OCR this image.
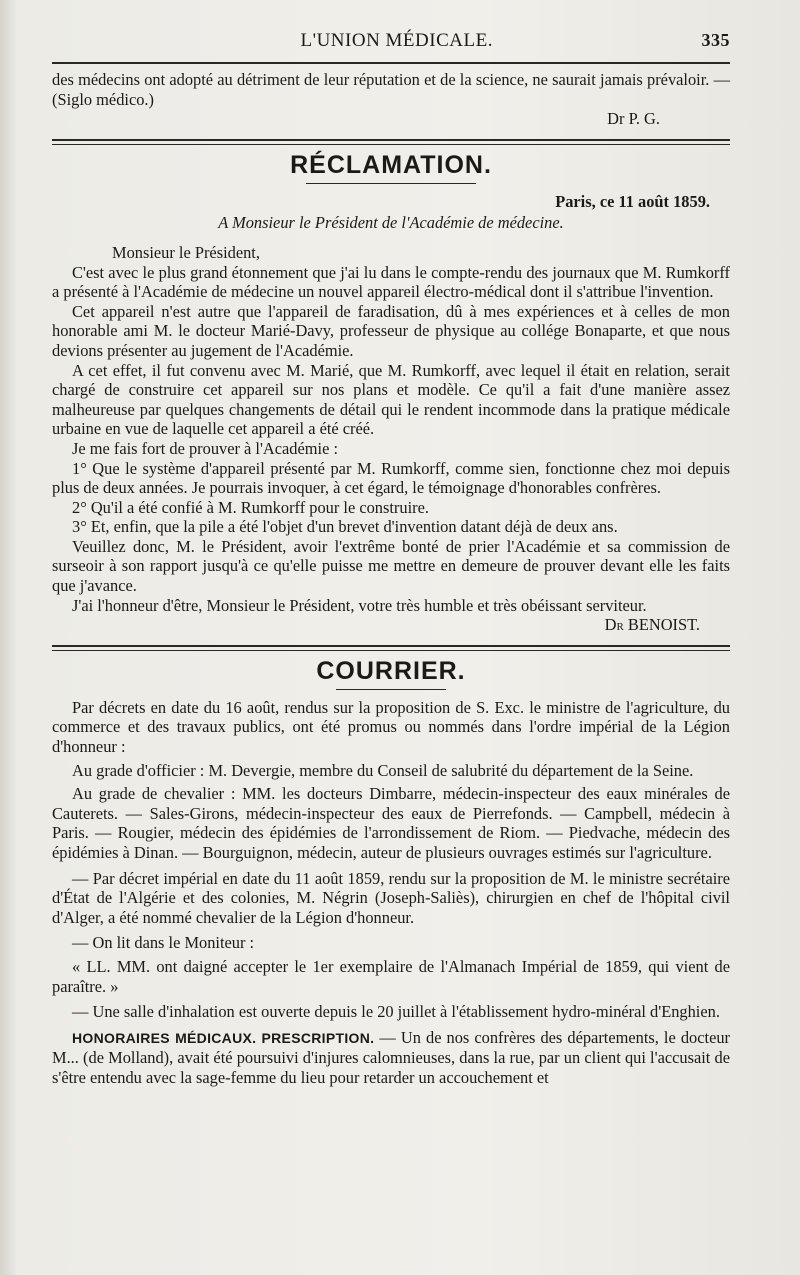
L'UNION MÉDICALE.	335

des médecins ont adopté au détriment de leur réputation et de la science, ne saurait jamais prévaloir. — (Siglo médico.)

Dr P. G.

RÉCLAMATION.

Paris, ce 11 août 1859.

A Monsieur le Président de l'Académie de médecine.

Monsieur le Président,

C'est avec le plus grand étonnement que j'ai lu dans le compte-rendu des journaux que M. Rumkorff a présenté à l'Académie de médecine un nouvel appareil électro-médical dont il s'attribue l'invention.

Cet appareil n'est autre que l'appareil de faradisation, dû à mes expériences et à celles de mon honorable ami M. le docteur Marié-Davy, professeur de physique au collége Bonaparte, et que nous devions présenter au jugement de l'Académie.

A cet effet, il fut convenu avec M. Marié, que M. Rumkorff, avec lequel il était en relation, serait chargé de construire cet appareil sur nos plans et modèle. Ce qu'il a fait d'une manière assez malheureuse par quelques changements de détail qui le rendent incommode dans la pratique médicale urbaine en vue de laquelle cet appareil a été créé.

Je me fais fort de prouver à l'Académie :

1° Que le système d'appareil présenté par M. Rumkorff, comme sien, fonctionne chez moi depuis plus de deux années. Je pourrais invoquer, à cet égard, le témoignage d'honorables confrères.

2° Qu'il a été confié à M. Rumkorff pour le construire.

3° Et, enfin, que la pile a été l'objet d'un brevet d'invention datant déjà de deux ans.

Veuillez donc, M. le Président, avoir l'extrême bonté de prier l'Académie et sa commission de surseoir à son rapport jusqu'à ce qu'elle puisse me mettre en demeure de prouver devant elle les faits que j'avance.

J'ai l'honneur d'être, Monsieur le Président, votre très humble et très obéissant serviteur.

Dr BENOIST.

COURRIER.

Par décrets en date du 16 août, rendus sur la proposition de S. Exc. le ministre de l'agriculture, du commerce et des travaux publics, ont été promus ou nommés dans l'ordre impérial de la Légion d'honneur :

Au grade d'officier : M. Devergie, membre du Conseil de salubrité du département de la Seine.

Au grade de chevalier : MM. les docteurs Dimbarre, médecin-inspecteur des eaux minérales de Cauterets. — Sales-Girons, médecin-inspecteur des eaux de Pierrefonds. — Campbell, médecin à Paris. — Rougier, médecin des épidémies de l'arrondissement de Riom. — Piedvache, médecin des épidémies à Dinan. — Bourguignon, médecin, auteur de plusieurs ouvrages estimés sur l'agriculture.

— Par décret impérial en date du 11 août 1859, rendu sur la proposition de M. le ministre secrétaire d'État de l'Algérie et des colonies, M. Négrin (Joseph-Saliès), chirurgien en chef de l'hôpital civil d'Alger, a été nommé chevalier de la Légion d'honneur.

— On lit dans le Moniteur :

« LL. MM. ont daigné accepter le 1er exemplaire de l'Almanach Impérial de 1859, qui vient de paraître. »

— Une salle d'inhalation est ouverte depuis le 20 juillet à l'établissement hydro-minéral d'Enghien.

HONORAIRES MÉDICAUX. PRESCRIPTION. — Un de nos confrères des départements, le docteur M... (de Molland), avait été poursuivi d'injures calomnieuses, dans la rue, par un client qui l'accusait de s'être entendu avec la sage-femme du lieu pour retarder un accouchement et
